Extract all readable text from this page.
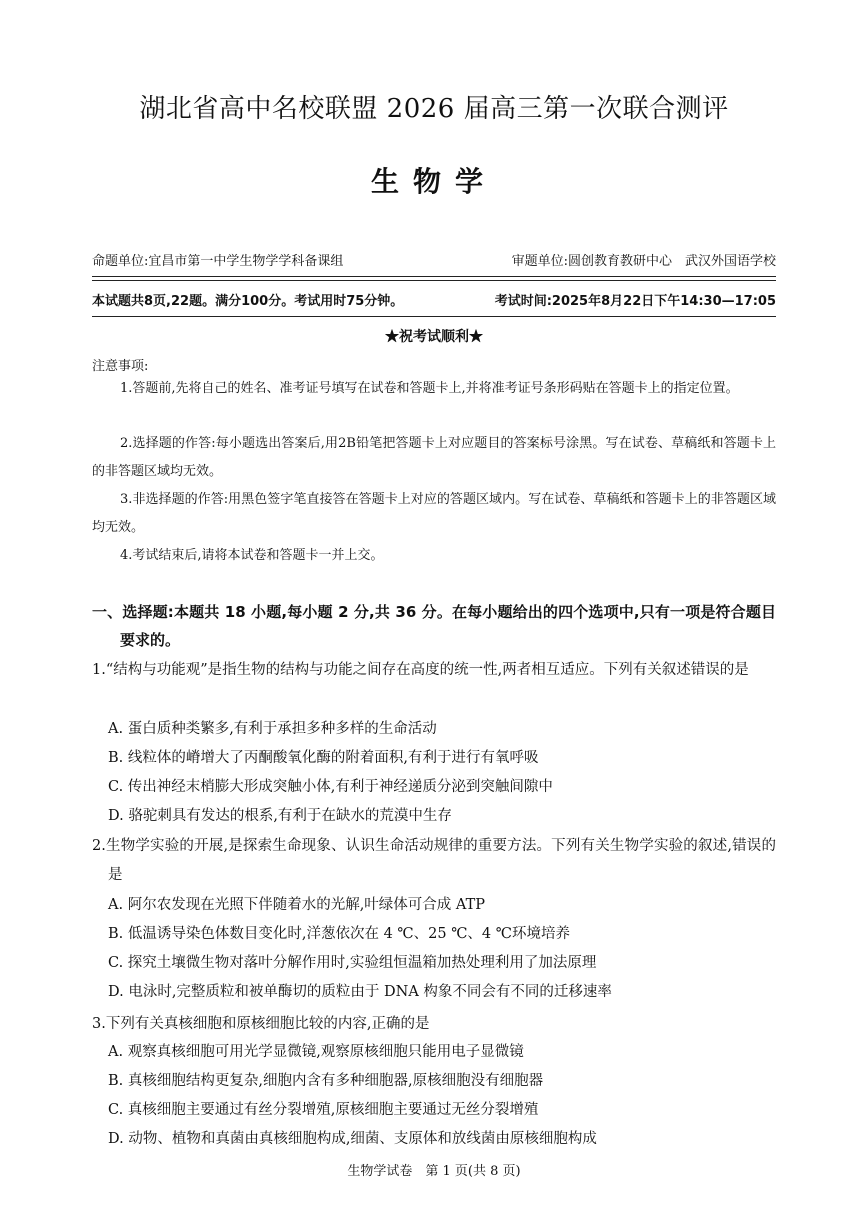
湖北省高中名校联盟 2026 届高三第一次联合测评
生物学
命题单位:宜昌市第一中学生物学学科备课组	审题单位:圆创教育教研中心　武汉外国语学校
本试题共8页,22题。满分100分。考试用时75分钟。	考试时间:2025年8月22日下午14:30—17:05
★祝考试顺利★
注意事项:
1.答题前,先将自己的姓名、准考证号填写在试卷和答题卡上,并将准考证号条形码贴在答题卡上的指定位置。
2.选择题的作答:每小题选出答案后,用2B铅笔把答题卡上对应题目的答案标号涂黑。写在试卷、草稿纸和答题卡上的非答题区域均无效。
3.非选择题的作答:用黑色签字笔直接答在答题卡上对应的答题区域内。写在试卷、草稿纸和答题卡上的非答题区域均无效。
4.考试结束后,请将本试卷和答题卡一并上交。
一、选择题:本题共 18 小题,每小题 2 分,共 36 分。在每小题给出的四个选项中,只有一项是符合题目要求的。
1.“结构与功能观”是指生物的结构与功能之间存在高度的统一性,两者相互适应。下列有关叙述错误的是
A. 蛋白质种类繁多,有利于承担多种多样的生命活动
B. 线粒体的嵴增大了丙酮酸氧化酶的附着面积,有利于进行有氧呼吸
C. 传出神经末梢膨大形成突触小体,有利于神经递质分泌到突触间隙中
D. 骆驼刺具有发达的根系,有利于在缺水的荒漠中生存
2.生物学实验的开展,是探索生命现象、认识生命活动规律的重要方法。下列有关生物学实验的叙述,错误的是
A. 阿尔农发现在光照下伴随着水的光解,叶绿体可合成 ATP
B. 低温诱导染色体数目变化时,洋葱依次在 4 ℃、25 ℃、4 ℃环境培养
C. 探究土壤微生物对落叶分解作用时,实验组恒温箱加热处理利用了加法原理
D. 电泳时,完整质粒和被单酶切的质粒由于 DNA 构象不同会有不同的迁移速率
3.下列有关真核细胞和原核细胞比较的内容,正确的是
A. 观察真核细胞可用光学显微镜,观察原核细胞只能用电子显微镜
B. 真核细胞结构更复杂,细胞内含有多种细胞器,原核细胞没有细胞器
C. 真核细胞主要通过有丝分裂增殖,原核细胞主要通过无丝分裂增殖
D. 动物、植物和真菌由真核细胞构成,细菌、支原体和放线菌由原核细胞构成
生物学试卷　第 1 页(共 8 页)
